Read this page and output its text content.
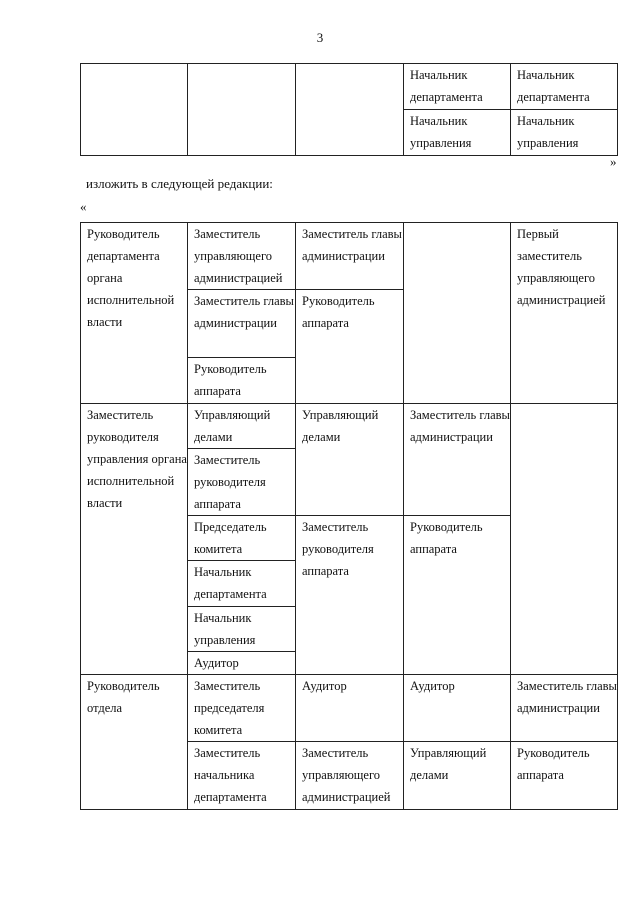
3
			Начальник департамента	Начальник департамента
			Начальник управления	Начальник управления
»
изложить в следующей редакции:
«
Руководитель департамента органа исполнительной власти	Заместитель управляющего администрацией	Заместитель главы администрации		Первый заместитель управляющего администрацией
	Заместитель главы администрации	Руководитель аппарата		
	Руководитель аппарата			
Заместитель руководителя управления органа исполнительной власти	Управляющий делами	Управляющий делами	Заместитель главы администрации	
	Заместитель руководителя аппарата			
	Председатель комитета	Заместитель руководителя аппарата	Руководитель аппарата	
	Начальник департамента			
	Начальник управления			
	Аудитор			
Руководитель отдела	Заместитель председателя комитета	Аудитор	Аудитор	Заместитель главы администрации
	Заместитель начальника департамента	Заместитель управляющего администрацией	Управляющий делами	Руководитель аппарата
